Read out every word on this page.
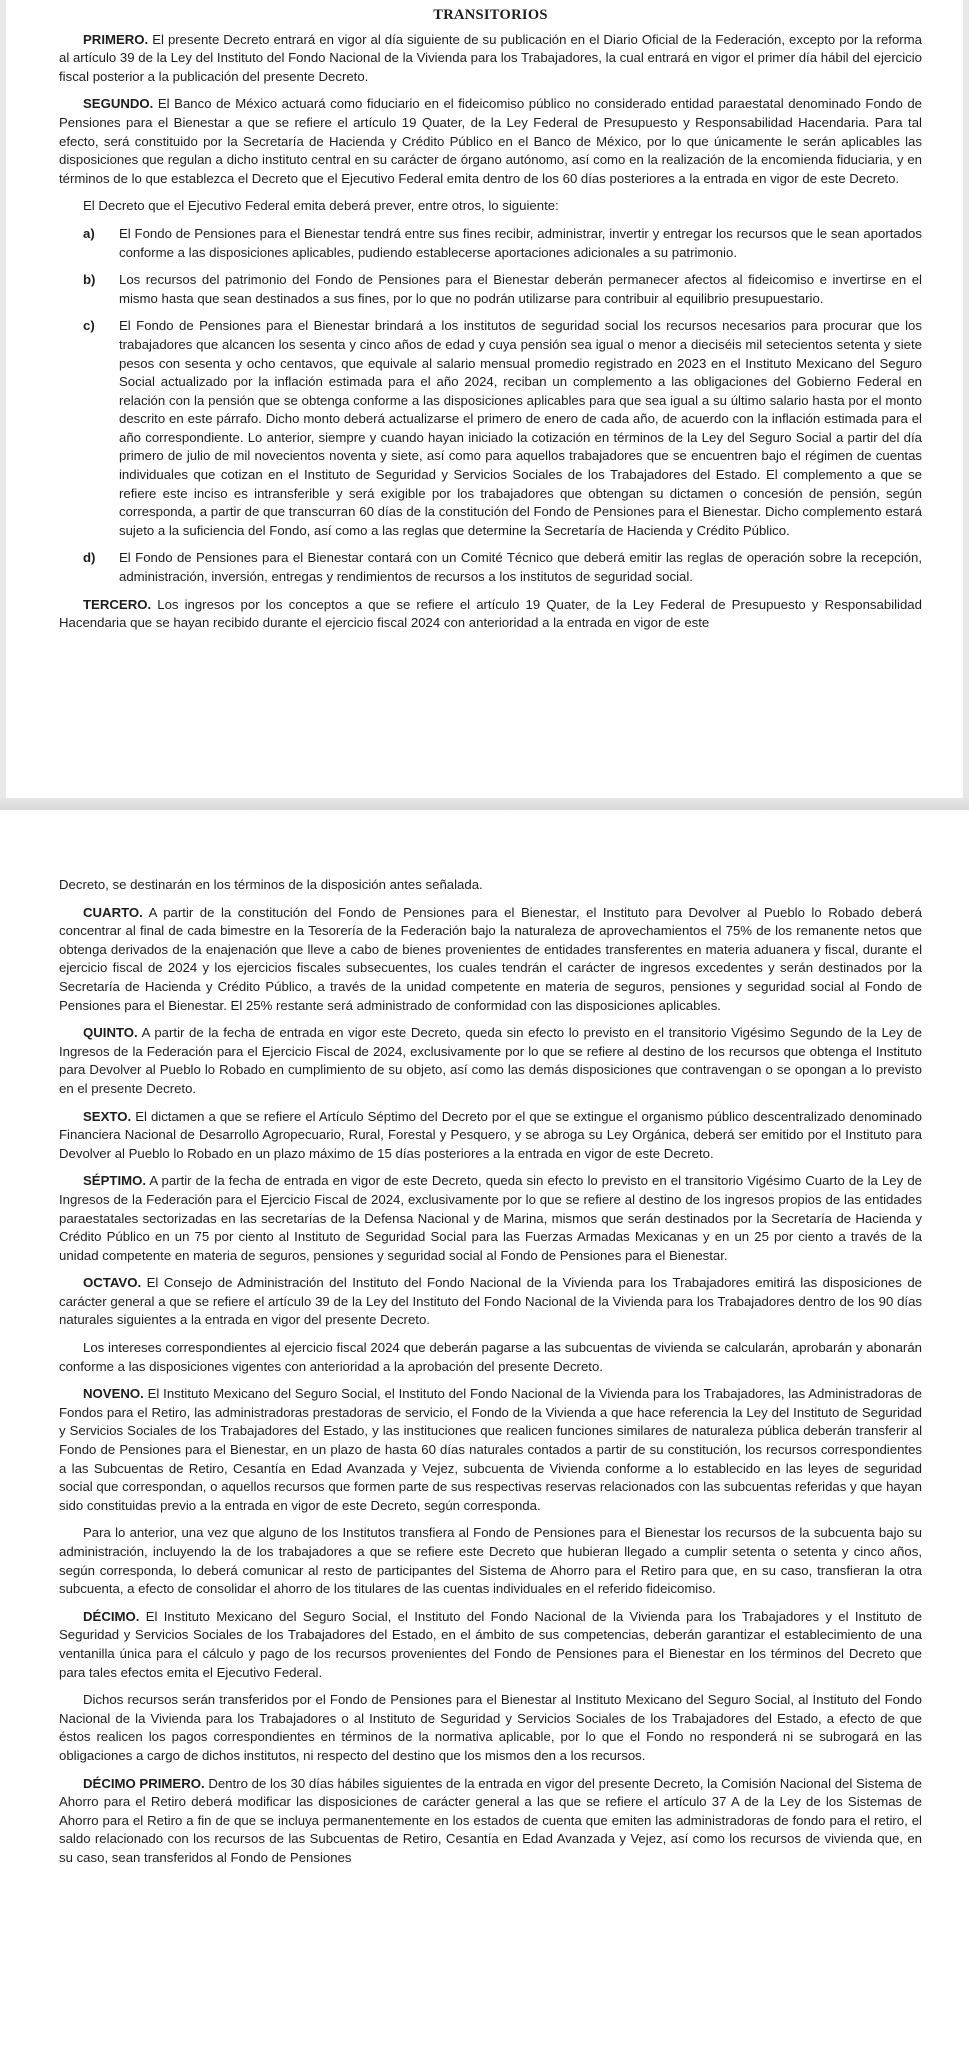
TRANSITORIOS

PRIMERO. El presente Decreto entrará en vigor al día siguiente de su publicación en el Diario Oficial de la Federación, excepto por la reforma al artículo 39 de la Ley del Instituto del Fondo Nacional de la Vivienda para los Trabajadores, la cual entrará en vigor el primer día hábil del ejercicio fiscal posterior a la publicación del presente Decreto.

SEGUNDO. El Banco de México actuará como fiduciario en el fideicomiso público no considerado entidad paraestatal denominado Fondo de Pensiones para el Bienestar a que se refiere el artículo 19 Quater, de la Ley Federal de Presupuesto y Responsabilidad Hacendaria. Para tal efecto, será constituido por la Secretaría de Hacienda y Crédito Público en el Banco de México, por lo que únicamente le serán aplicables las disposiciones que regulan a dicho instituto central en su carácter de órgano autónomo, así como en la realización de la encomienda fiduciaria, y en términos de lo que establezca el Decreto que el Ejecutivo Federal emita dentro de los 60 días posteriores a la entrada en vigor de este Decreto.

El Decreto que el Ejecutivo Federal emita deberá prever, entre otros, lo siguiente:

a)	El Fondo de Pensiones para el Bienestar tendrá entre sus fines recibir, administrar, invertir y entregar los recursos que le sean aportados conforme a las disposiciones aplicables, pudiendo establecerse aportaciones adicionales a su patrimonio.
b)	Los recursos del patrimonio del Fondo de Pensiones para el Bienestar deberán permanecer afectos al fideicomiso e invertirse en el mismo hasta que sean destinados a sus fines, por lo que no podrán utilizarse para contribuir al equilibrio presupuestario.
c)	El Fondo de Pensiones para el Bienestar brindará a los institutos de seguridad social los recursos necesarios para procurar que los trabajadores que alcancen los sesenta y cinco años de edad y cuya pensión sea igual o menor a dieciséis mil setecientos setenta y siete pesos con sesenta y ocho centavos, que equivale al salario mensual promedio registrado en 2023 en el Instituto Mexicano del Seguro Social actualizado por la inflación estimada para el año 2024, reciban un complemento a las obligaciones del Gobierno Federal en relación con la pensión que se obtenga conforme a las disposiciones aplicables para que sea igual a su último salario hasta por el monto descrito en este párrafo. Dicho monto deberá actualizarse el primero de enero de cada año, de acuerdo con la inflación estimada para el año correspondiente. Lo anterior, siempre y cuando hayan iniciado la cotización en términos de la Ley del Seguro Social a partir del día primero de julio de mil novecientos noventa y siete, así como para aquellos trabajadores que se encuentren bajo el régimen de cuentas individuales que cotizan en el Instituto de Seguridad y Servicios Sociales de los Trabajadores del Estado. El complemento a que se refiere este inciso es intransferible y será exigible por los trabajadores que obtengan su dictamen o concesión de pensión, según corresponda, a partir de que transcurran 60 días de la constitución del Fondo de Pensiones para el Bienestar. Dicho complemento estará sujeto a la suficiencia del Fondo, así como a las reglas que determine la Secretaría de Hacienda y Crédito Público.
d)	El Fondo de Pensiones para el Bienestar contará con un Comité Técnico que deberá emitir las reglas de operación sobre la recepción, administración, inversión, entregas y rendimientos de recursos a los institutos de seguridad social.

TERCERO. Los ingresos por los conceptos a que se refiere el artículo 19 Quater, de la Ley Federal de Presupuesto y Responsabilidad Hacendaria que se hayan recibido durante el ejercicio fiscal 2024 con anterioridad a la entrada en vigor de este

Decreto, se destinarán en los términos de la disposición antes señalada.

CUARTO. A partir de la constitución del Fondo de Pensiones para el Bienestar, el Instituto para Devolver al Pueblo lo Robado deberá concentrar al final de cada bimestre en la Tesorería de la Federación bajo la naturaleza de aprovechamientos el 75% de los remanente netos que obtenga derivados de la enajenación que lleve a cabo de bienes provenientes de entidades transferentes en materia aduanera y fiscal, durante el ejercicio fiscal de 2024 y los ejercicios fiscales subsecuentes, los cuales tendrán el carácter de ingresos excedentes y serán destinados por la Secretaría de Hacienda y Crédito Público, a través de la unidad competente en materia de seguros, pensiones y seguridad social al Fondo de Pensiones para el Bienestar. El 25% restante será administrado de conformidad con las disposiciones aplicables.

QUINTO. A partir de la fecha de entrada en vigor este Decreto, queda sin efecto lo previsto en el transitorio Vigésimo Segundo de la Ley de Ingresos de la Federación para el Ejercicio Fiscal de 2024, exclusivamente por lo que se refiere al destino de los recursos que obtenga el Instituto para Devolver al Pueblo lo Robado en cumplimiento de su objeto, así como las demás disposiciones que contravengan o se opongan a lo previsto en el presente Decreto.

SEXTO. El dictamen a que se refiere el Artículo Séptimo del Decreto por el que se extingue el organismo público descentralizado denominado Financiera Nacional de Desarrollo Agropecuario, Rural, Forestal y Pesquero, y se abroga su Ley Orgánica, deberá ser emitido por el Instituto para Devolver al Pueblo lo Robado en un plazo máximo de 15 días posteriores a la entrada en vigor de este Decreto.

SÉPTIMO. A partir de la fecha de entrada en vigor de este Decreto, queda sin efecto lo previsto en el transitorio Vigésimo Cuarto de la Ley de Ingresos de la Federación para el Ejercicio Fiscal de 2024, exclusivamente por lo que se refiere al destino de los ingresos propios de las entidades paraestatales sectorizadas en las secretarías de la Defensa Nacional y de Marina, mismos que serán destinados por la Secretaría de Hacienda y Crédito Público en un 75 por ciento al Instituto de Seguridad Social para las Fuerzas Armadas Mexicanas y en un 25 por ciento a través de la unidad competente en materia de seguros, pensiones y seguridad social al Fondo de Pensiones para el Bienestar.

OCTAVO. El Consejo de Administración del Instituto del Fondo Nacional de la Vivienda para los Trabajadores emitirá las disposiciones de carácter general a que se refiere el artículo 39 de la Ley del Instituto del Fondo Nacional de la Vivienda para los Trabajadores dentro de los 90 días naturales siguientes a la entrada en vigor del presente Decreto.

Los intereses correspondientes al ejercicio fiscal 2024 que deberán pagarse a las subcuentas de vivienda se calcularán, aprobarán y abonarán conforme a las disposiciones vigentes con anterioridad a la aprobación del presente Decreto.

NOVENO. El Instituto Mexicano del Seguro Social, el Instituto del Fondo Nacional de la Vivienda para los Trabajadores, las Administradoras de Fondos para el Retiro, las administradoras prestadoras de servicio, el Fondo de la Vivienda a que hace referencia la Ley del Instituto de Seguridad y Servicios Sociales de los Trabajadores del Estado, y las instituciones que realicen funciones similares de naturaleza pública deberán transferir al Fondo de Pensiones para el Bienestar, en un plazo de hasta 60 días naturales contados a partir de su constitución, los recursos correspondientes a las Subcuentas de Retiro, Cesantía en Edad Avanzada y Vejez, subcuenta de Vivienda conforme a lo establecido en las leyes de seguridad social que correspondan, o aquellos recursos que formen parte de sus respectivas reservas relacionados con las subcuentas referidas y que hayan sido constituidas previo a la entrada en vigor de este Decreto, según corresponda.

Para lo anterior, una vez que alguno de los Institutos transfiera al Fondo de Pensiones para el Bienestar los recursos de la subcuenta bajo su administración, incluyendo la de los trabajadores a que se refiere este Decreto que hubieran llegado a cumplir setenta o setenta y cinco años, según corresponda, lo deberá comunicar al resto de participantes del Sistema de Ahorro para el Retiro para que, en su caso, transfieran la otra subcuenta, a efecto de consolidar el ahorro de los titulares de las cuentas individuales en el referido fideicomiso.

DÉCIMO. El Instituto Mexicano del Seguro Social, el Instituto del Fondo Nacional de la Vivienda para los Trabajadores y el Instituto de Seguridad y Servicios Sociales de los Trabajadores del Estado, en el ámbito de sus competencias, deberán garantizar el establecimiento de una ventanilla única para el cálculo y pago de los recursos provenientes del Fondo de Pensiones para el Bienestar en los términos del Decreto que para tales efectos emita el Ejecutivo Federal.

Dichos recursos serán transferidos por el Fondo de Pensiones para el Bienestar al Instituto Mexicano del Seguro Social, al Instituto del Fondo Nacional de la Vivienda para los Trabajadores o al Instituto de Seguridad y Servicios Sociales de los Trabajadores del Estado, a efecto de que éstos realicen los pagos correspondientes en términos de la normativa aplicable, por lo que el Fondo no responderá ni se subrogará en las obligaciones a cargo de dichos institutos, ni respecto del destino que los mismos den a los recursos.

DÉCIMO PRIMERO. Dentro de los 30 días hábiles siguientes de la entrada en vigor del presente Decreto, la Comisión Nacional del Sistema de Ahorro para el Retiro deberá modificar las disposiciones de carácter general a las que se refiere el artículo 37 A de la Ley de los Sistemas de Ahorro para el Retiro a fin de que se incluya permanentemente en los estados de cuenta que emiten las administradoras de fondo para el retiro, el saldo relacionado con los recursos de las Subcuentas de Retiro, Cesantía en Edad Avanzada y Vejez, así como los recursos de vivienda que, en su caso, sean transferidos al Fondo de Pensiones
